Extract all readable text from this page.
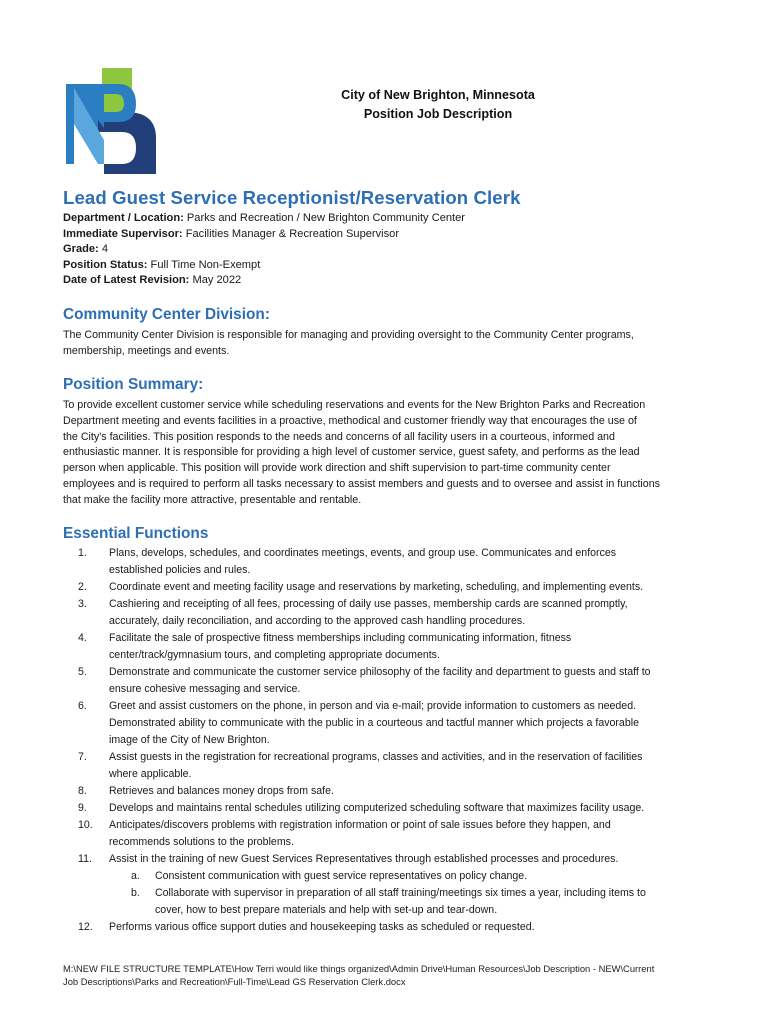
City of New Brighton, Minnesota
Position Job Description
Lead Guest Service Receptionist/Reservation Clerk
Department / Location: Parks and Recreation / New Brighton Community Center
Immediate Supervisor: Facilities Manager & Recreation Supervisor
Grade: 4
Position Status: Full Time Non-Exempt
Date of Latest Revision: May 2022
Community Center Division:
The Community Center Division is responsible for managing and providing oversight to the Community Center programs,
membership, meetings and events.
Position Summary:
To provide excellent customer service while scheduling reservations and events for the New Brighton Parks and Recreation
Department meeting and events facilities in a proactive, methodical and customer friendly way that encourages the use of
the City's facilities. This position responds to the needs and concerns of all facility users in a courteous, informed and
enthusiastic manner. It is responsible for providing a high level of customer service, guest safety, and performs as the lead
person when applicable. This position will provide work direction and shift supervision to part-time community center
employees and is required to perform all tasks necessary to assist members and guests and to oversee and assist in functions
that make the facility more attractive, presentable and rentable.
Essential Functions
1.	Plans, develops, schedules, and coordinates meetings, events, and group use. Communicates and enforces
established policies and rules.
2.	Coordinate event and meeting facility usage and reservations by marketing, scheduling, and implementing events.
3.	Cashiering and receipting of all fees, processing of daily use passes, membership cards are scanned promptly,
accurately, daily reconciliation, and according to the approved cash handling procedures.
4.	Facilitate the sale of prospective fitness memberships including communicating information, fitness
center/track/gymnasium tours, and completing appropriate documents.
5.	Demonstrate and communicate the customer service philosophy of the facility and department to guests and staff to
ensure cohesive messaging and service.
6.	Greet and assist customers on the phone, in person and via e-mail; provide information to customers as needed.
Demonstrated ability to communicate with the public in a courteous and tactful manner which projects a favorable
image of the City of New Brighton.
7.	Assist guests in the registration for recreational programs, classes and activities, and in the reservation of facilities
where applicable.
8.	Retrieves and balances money drops from safe.
9.	Develops and maintains rental schedules utilizing computerized scheduling software that maximizes facility usage.
10.	Anticipates/discovers problems with registration information or point of sale issues before they happen, and
recommends solutions to the problems.
11.	Assist in the training of new Guest Services Representatives through established processes and procedures.
a. Consistent communication with guest service representatives on policy change.
b. Collaborate with supervisor in preparation of all staff training/meetings six times a year, including items to
cover, how to best prepare materials and help with set-up and tear-down.
12.	Performs various office support duties and housekeeping tasks as scheduled or requested.
M:\NEW FILE STRUCTURE TEMPLATE\How Terri would like things organized\Admin Drive\Human Resources\Job Description - NEW\Current
Job Descriptions\Parks and Recreation\Full-Time\Lead GS Reservation Clerk.docx
